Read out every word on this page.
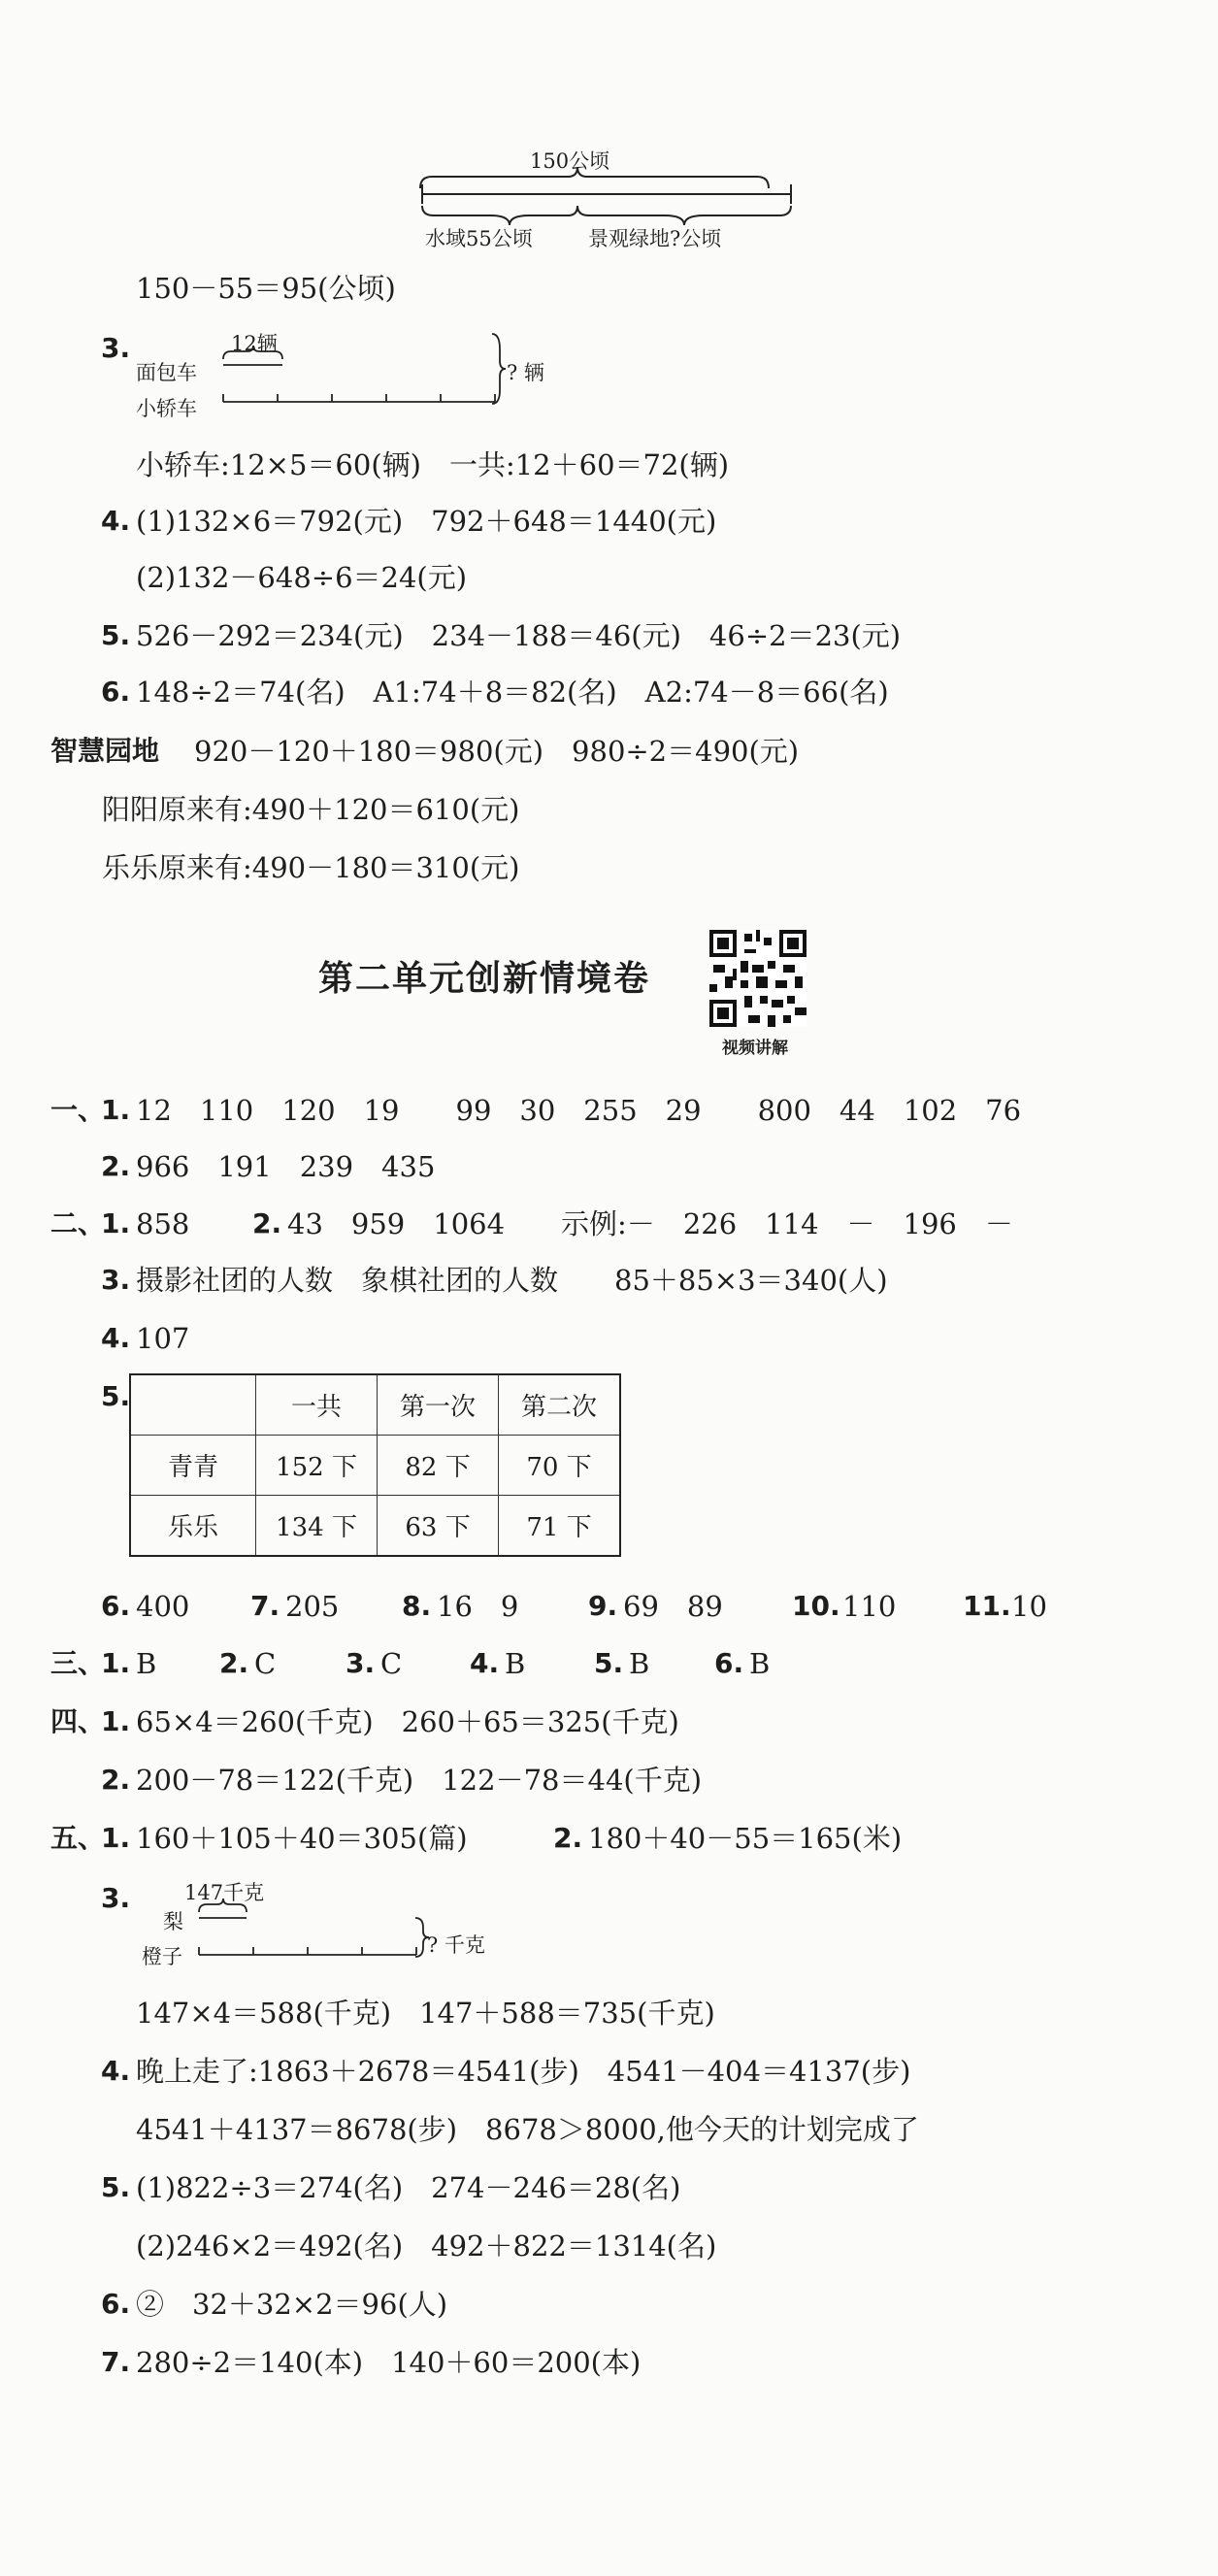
150公顷
水域55公顷	景观绿地?公顷
150－55＝95(公顷)
3.	12辆
面包车
小轿车
? 辆
小轿车:12×5＝60(辆)　一共:12＋60＝72(辆)
4. (1)132×6＝792(元)　792＋648＝1440(元)
(2)132－648÷6＝24(元)
5. 526－292＝234(元)　234－188＝46(元)　46÷2＝23(元)
6. 148÷2＝74(名)　A1:74＋8＝82(名)　A2:74－8＝66(名)
智慧园地 920－120＋180＝980(元)　980÷2＝490(元)
阳阳原来有:490＋120＝610(元)
乐乐原来有:490－180＝310(元)
第二单元创新情境卷
视频讲解
一、
1. 12　110　120　19　　99　30　255　29　　800　44　102　76
2. 966　191　239　435
二、
1. 858 2. 43　959　1064　　示例:－　226　114　－　196　－
3. 摄影社团的人数　象棋社团的人数　　85＋85×3＝340(人)
4. 107
5.
		一共	第一次	第二次
青青	152 下	82 下	70 下
乐乐	134 下	63 下	71 下
6. 400 7. 205 8. 16　9	9. 69　89	10. 110 11. 10
三、
1. B 2. C	3. C 4. B	5. B 6. B
四、
1. 65×4＝260(千克)　260＋65＝325(千克)
2. 200－78＝122(千克)　122－78＝44(千克)
五、
1. 160＋105＋40＝305(篇)	2. 180＋40－55＝165(米)
3.	147千克
梨
橙子	? 千克
147×4＝588(千克)　147＋588＝735(千克)
4. 晚上走了:1863＋2678＝4541(步)　4541－404＝4137(步)
4541＋4137＝8678(步)　8678＞8000,他今天的计划完成了
5. (1)822÷3＝274(名)　274－246＝28(名)
(2)246×2＝492(名)　492＋822＝1314(名)
6. ②　32＋32×2＝96(人)
7. 280÷2＝140(本)　140＋60＝200(本)
